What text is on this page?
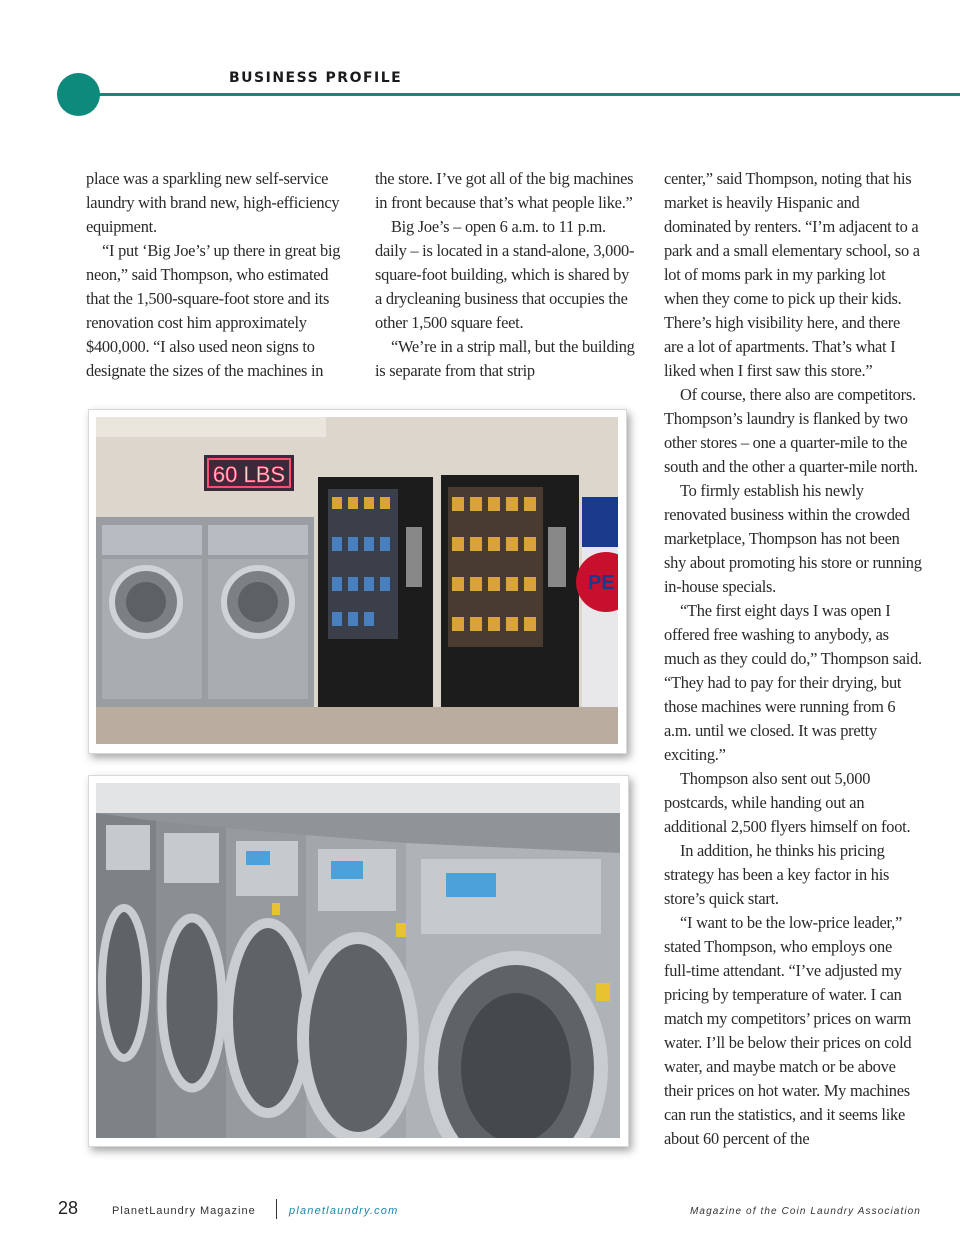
BUSINESS PROFILE

place was a sparkling new self-service laundry with brand new, high-efficiency equipment.

“I put ‘Big Joe’s’ up there in great big neon,” said Thompson, who estimated that the 1,500-square-foot store and its renovation cost him approximately $400,000. “I also used neon signs to designate the sizes of the machines in

the store. I’ve got all of the big machines in front because that’s what people like.”

Big Joe’s – open 6 a.m. to 11 p.m. daily – is located in a stand-alone, 3,000-square-foot building, which is shared by a drycleaning business that occupies the other 1,500 square feet.

“We’re in a strip mall, but the building is separate from that strip

center,” said Thompson, noting that his market is heavily Hispanic and dominated by renters. “I’m adjacent to a park and a small elementary school, so a lot of moms park in my parking lot when they come to pick up their kids. There’s high visibility here, and there are a lot of apartments. That’s what I liked when I first saw this store.”

Of course, there also are competitors. Thompson’s laundry is flanked by two other stores – one a quarter-mile to the south and the other a quarter-mile north.

To firmly establish his newly renovated business within the crowded marketplace, Thompson has not been shy about promoting his store or running in-house specials.

“The first eight days I was open I offered free washing to anybody, as much as they could do,” Thompson said. “They had to pay for their drying, but those machines were running from 6 a.m. until we closed. It was pretty exciting.”

Thompson also sent out 5,000 postcards, while handing out an additional 2,500 flyers himself on foot.

In addition, he thinks his pricing strategy has been a key factor in his store’s quick start.

“I want to be the low-price leader,” stated Thompson, who employs one full-time attendant. “I’ve adjusted my pricing by temperature of water. I can match my competitors’ prices on warm water. I’ll be below their prices on cold water, and maybe match or be above their prices on hot water. My machines can run the statistics, and it seems like about 60 percent of the

60 LBS
PE
28	PlanetLaundry Magazine	planetlaundry.com	Magazine of the Coin Laundry Association
